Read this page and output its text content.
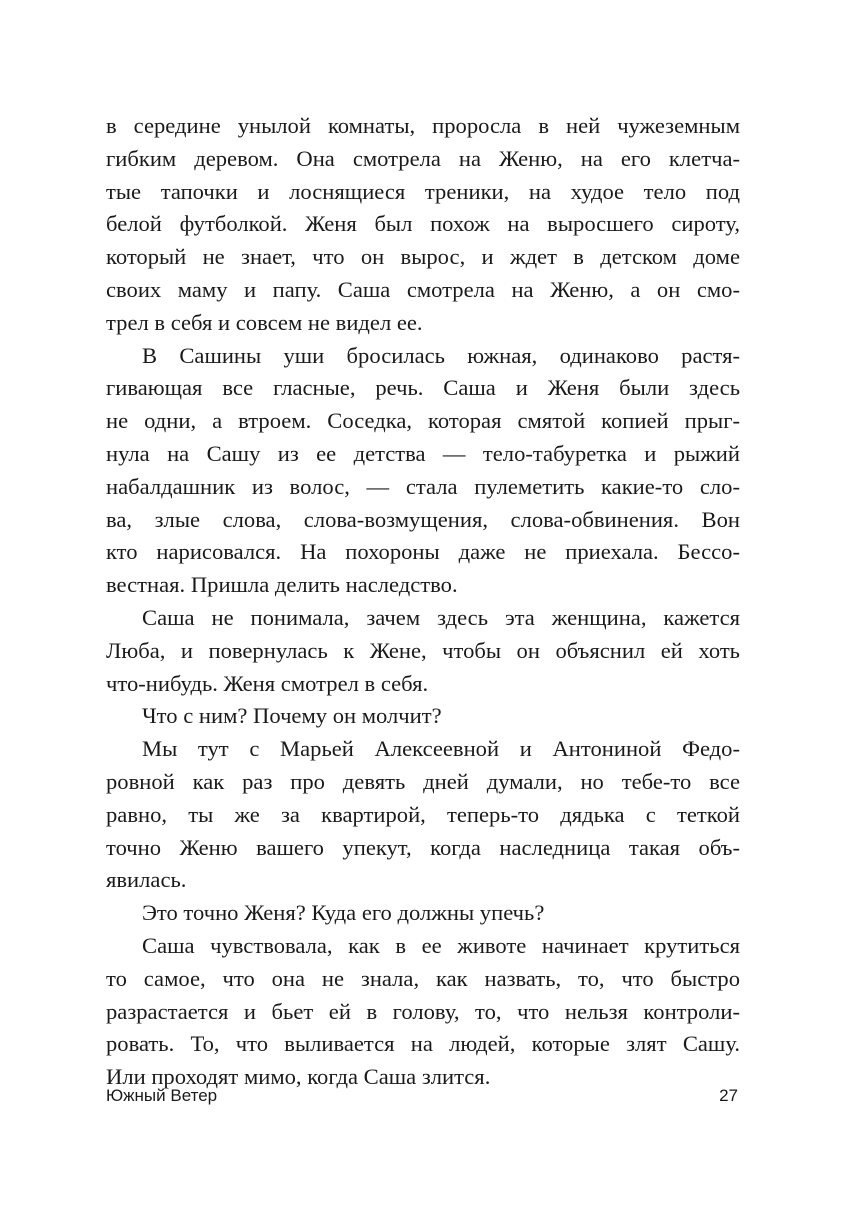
в середине унылой комнаты, проросла в ней чужеземным
гибким деревом. Она смотрела на Женю, на его клетча-
тые тапочки и лоснящиеся треники, на худое тело под
белой футболкой. Женя был похож на выросшего сироту,
который не знает, что он вырос, и ждет в детском доме
своих маму и папу. Саша смотрела на Женю, а он смо-
трел в себя и совсем не видел ее.
В Сашины уши бросилась южная, одинаково растя-
гивающая все гласные, речь. Саша и Женя были здесь
не одни, а втроем. Соседка, которая смятой копией прыг-
нула на Сашу из ее детства — тело-табуретка и рыжий
набалдашник из волос, — стала пулеметить какие-то сло-
ва, злые слова, слова-возмущения, слова-обвинения. Вон
кто нарисовался. На похороны даже не приехала. Бессо-
вестная. Пришла делить наследство.
Саша не понимала, зачем здесь эта женщина, кажется
Люба, и повернулась к Жене, чтобы он объяснил ей хоть
что-нибудь. Женя смотрел в себя.
Что с ним? Почему он молчит?
Мы тут с Марьей Алексеевной и Антониной Федо-
ровной как раз про девять дней думали, но тебе-то все
равно, ты же за квартирой, теперь-то дядька с теткой
точно Женю вашего упекут, когда наследница такая объ-
явилась.
Это точно Женя? Куда его должны упечь?
Саша чувствовала, как в ее животе начинает крутиться
то самое, что она не знала, как назвать, то, что быстро
разрастается и бьет ей в голову, то, что нельзя контроли-
ровать. То, что выливается на людей, которые злят Сашу.
Или проходят мимо, когда Саша злится.
Южный Ветер	27
